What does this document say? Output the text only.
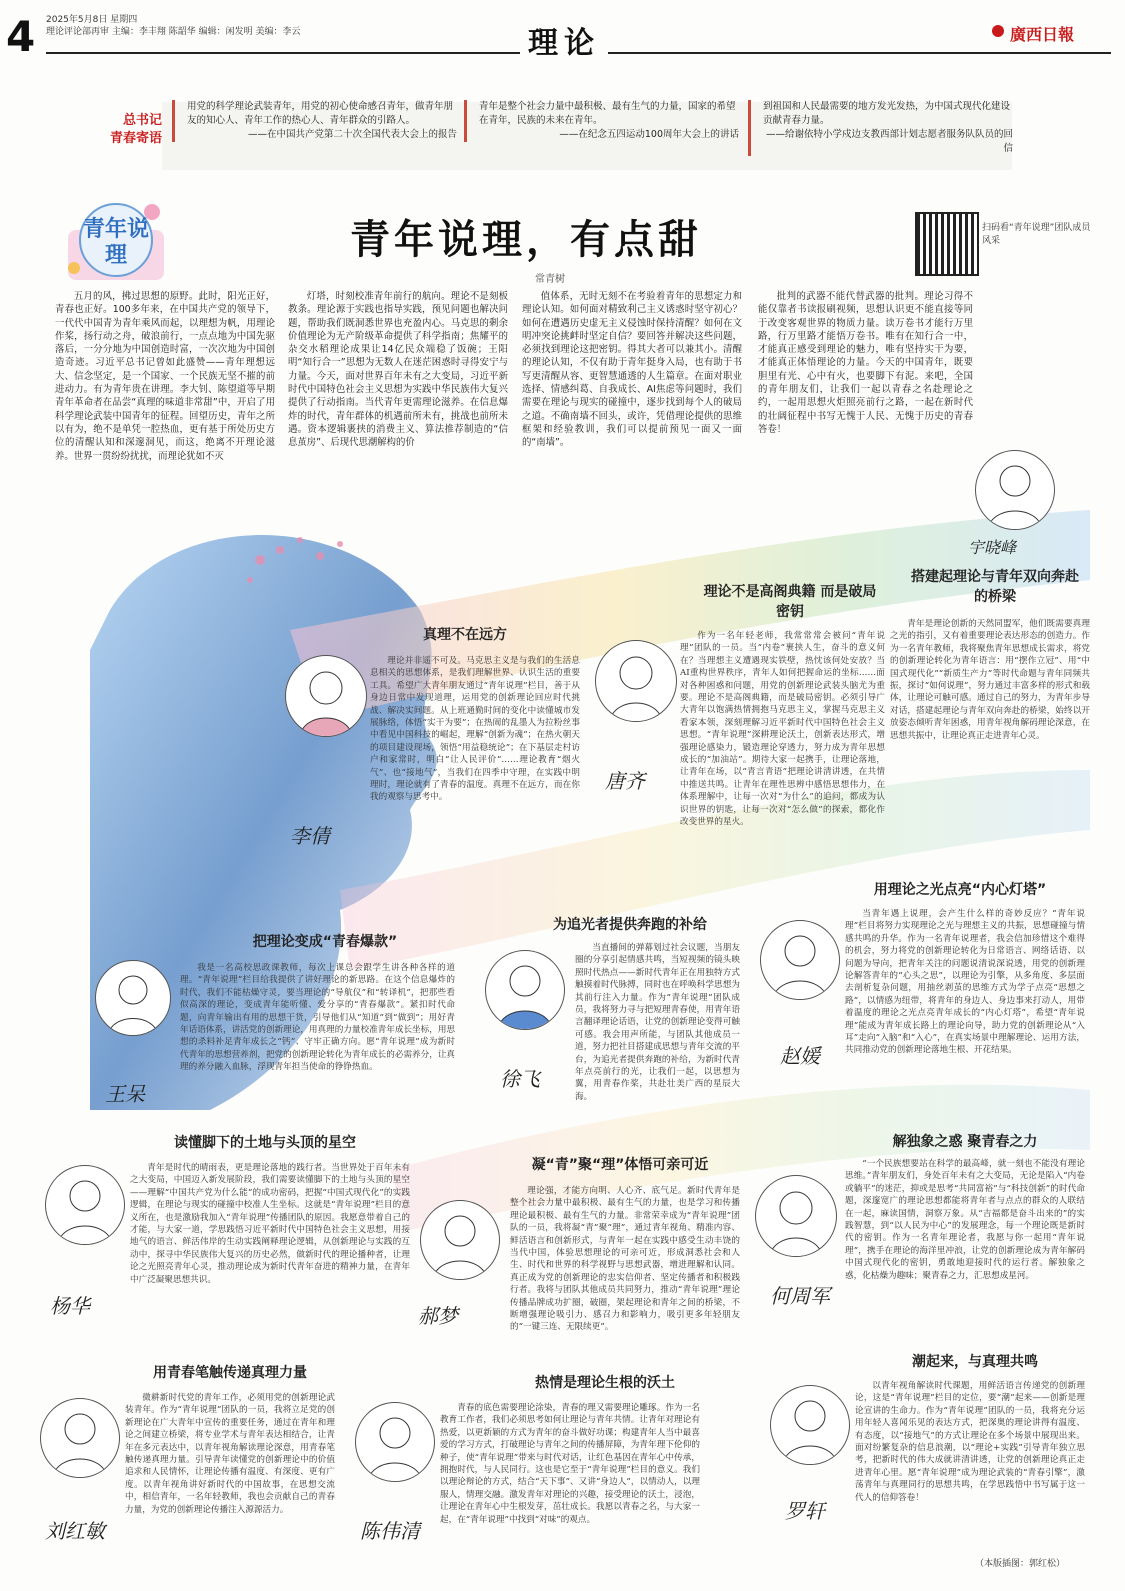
4 2025年5月8日 星期四
理论评论部再审 主编：李丰翔 陈韶华 编辑：闲发明 美编：李云	理论	廣西日報
总书记
青春寄语
用党的科学理论武装青年，用党的初心使命感召青年，做青年朋友的知心人、青年工作的热心人、青年群众的引路人。
——在中国共产党第二十次全国代表大会上的报告
青年是整个社会力量中最积极、最有生气的力量，国家的希望在青年，民族的未来在青年。
——在纪念五四运动100周年大会上的讲话
到祖国和人民最需要的地方发光发热，为中国式现代化建设贡献青春力量。
——给谢依特小学戍边支教西部计划志愿者服务队队员的回信
青年说理	青年说理，有点甜
常青树
扫码看“青年说理”团队成员风采

五月的风，拂过思想的原野。此时，阳光正好，青春也正好。100多年来，在中国共产党的领导下，一代代中国青为青年乘风而起，以理想为帆，用理论作桨，扬行动之舟，破浪前行，一点点地为中国先驱落后，一分分地为中国创造时富，一次次地为中国创造奇迹。习近平总书记曾如此盛赞——青年理想远大、信念坚定，是一个国家、一个民族无坚不摧的前进动力。有为青年贵在讲理。李大钊、陈望道等早期青年革命者在品尝“真理的味道非常甜”中，开启了用科学理论武装中国青年的征程。回望历史，青年之所以有为，绝不是单凭一腔热血，更有基于所处历史方位的清醒认知和深邃洞见，而这，绝离不开理论滋养。世界一贯纷纷扰扰，而理论犹如不灭

灯塔，时刻校准青年前行的航向。理论不是刻板教条。理论源于实践也指导实践，预见问题也解决问题，帮助我们既洞悉世界也充盈内心。马克思的剩余价值理论为无产阶级革命提供了科学指南；焦耀平的杂交水稻理论成果让14亿民众端稳了饭碗；王阳明“知行合一”思想为无数人在迷茫困惑时寻得安宁与力量。今天，面对世界百年未有之大变局，习近平新时代中国特色社会主义思想为实践中华民族伟大复兴提供了行动指南。当代青年更需理论滋养。在信息爆炸的时代，青年群体的机遇前所未有，挑战也前所未遇。资本逻辑裹挟的消费主义、算法推荐制造的“信息茧房”、后现代思潮解构的价

值体系，无时无刻不在考验着青年的思想定力和理论认知。如何面对精致利己主义诱惑时坚守初心？如何在遭遇历史虚无主义侵蚀时保持清醒？如何在文明冲突论挑衅时坚定自信？要回答并解决这些问题，必须找到理论这把密钥。得其大者可以兼其小。清醒的理论认知，不仅有助于青年挺身入局，也有助于书写更清醒从容、更智慧通透的人生篇章。在面对职业选择、情感纠葛、自我成长、AI焦虑等问题时，我们需要在理论与现实的碰撞中，逐步找到每个人的破局之道。不确南墙不回头，或许，凭借理论提供的思维框架和经验教训，我们可以提前预见一面又一面的“南墙”。

批判的武器不能代替武器的批判。理论习得不能仅靠者书读报刷视频，思想认识更不能直接等同于改变客观世界的物质力量。读万卷书才能行万里路，行万里路才能悟万卷书。唯有在知行合一中，才能真正感受到理论的魅力，唯有坚持实干为要，才能真正体悟理论的力量。今天的中国青年，既要胆里有光、心中有火，也要脚下有泥。来吧，全国的青年朋友们，让我们一起以青春之名赴理论之约，一起用思想火炬照亮前行之路，一起在新时代的壮阔征程中书写无愧于人民、无愧于历史的青春答卷！

真理不在远方
李倩

理论并非遥不可及。马克思主义是与我们的生活息息相关的思想体系，是我们理解世界、认识生活的重要工具。希望广大青年朋友通过“青年说理”栏目，善于从身边日常中发现道理，运用党的创新理论回应时代挑战、解决实间题。从上班通勤时间的变化中读懂城市发展脉络，体悟“实干为要”；在热闹的乱墨人为拉粉丝事中看见中国科技的崛起，理解“创新为魂”；在热火朝天的项目建设现场，领悟“用益稳统论”；在下基层走村访户和家常时，明白“让人民评价”……理论教育“烟火气”、也“接地气”，当我们在四季中守理，在实践中明理时，理论就有了青春的温度。真理不在远方，而在你我的观察与思考中。

理论不是高阁典籍 而是破局密钥
唐齐

作为一名年轻老师，我常常常会被问“青年说理”团队的一员。当“内卷”裹挟人生，奋斗的意义何在？当理想主义遭遇现实铁壁，热忱该何处安放？当AI重构世界秩序，青年人如何把握命运的坐标……面对各种困惑和问题，用党的创新理论武装头脑尤为重要。理论不是高阁典籍，而是破局密钥。必须引导广大青年以饱满热情拥抱马克思主义，掌握马克思主义看家本领，深刻理解习近平新时代中国特色社会主义思想。“青年说理”深耕理论沃土，创新表达形式，增强理论感染力，锻造理论穿透力，努力成为青年思想成长的“加油站”。期待大家一起携手，让理论落地，让青年在场，以“青言青语”把理论讲清讲透，在共情中推送共鸣。让青年在理性思辨中感悟思想伟力，在体系理解中，让每一次对“为什么”的追问，都成为认识世界的钥匙，让每一次对“怎么做”的探索，都化作改变世界的星火。

宇晓峰
搭建起理论与青年双向奔赴的桥梁

青年是理论创新的天然同盟军，他们既需要真理之光的指引，又有着重要理论表达形态的创造力。作为一名青年教师，我将聚焦青年思想成长需求，将党的创新理论转化为青年语言：用“摆作立冠”、用“中国式现代化”“新质生产力”等时代命题与青年同频共振，探讨“如何说理”，努力通过丰富多样的形式和载体，让理论可触可感。通过自己的努力，为青年步导对话，搭建起理论与青年双向奔赴的桥梁，始终以开放姿态倾听青年困惑，用青年视角解码理论深意，在思想共振中，让理论真正走进青年心灵。

把理论变成“青春爆款”
王呆

我是一名高校思政课教师，每次上课总会跟学生讲各种各样的道理。“青年说理”栏目给我提供了讲好理论的新思路。在这个信息爆炸的时代，我们不能枯燥守灵，要当理论的“导航仪”和“转译机”，把那些看似高深的理论，变成青年能听懂、爱分享的“青春爆款”。紧扣时代命题，向青年输出有用的思想干货，引导他们从“知道”到“做到”；用好青年话语体系，讲活党的创新理论，用真理的力量校准青年成长坐标，用思想的杀料补足青年成长之“钙”、守牢正确方向。愿“青年说理”成为新时代青年的思想营养剂，把党的创新理论转化为青年成长的必需养分，让真理的养分融入血脉，浮现青年担当使命的铮铮热血。

为追光者提供奔跑的补给
徐飞

当直播间的弹幕划过社会议题，当朋友圈的分享引起情感共鸣，当短视频的镜头映照时代热点——新时代青年正在用独特方式触摸着时代脉搏，同时也在呼唤科学思想为其前行注入力量。作为“青年说理”团队成员，我将努力寻与把短理青春使，用青年语言翻译理论话语，让党的创新理论变得可触可感。我会用声所能，与团队其他成员一道，努力把社目搭建成思想与青年交流的平台，为追光者提供奔跑的补给，为新时代青年点亮前行的光，让我们一起，以思想为翼，用青春作桨，共赴壮美广西的星辰大海。

用理论之光点亮“内心灯塔”
赵媛

当青年遇上说理，会产生什么样的奇妙反应？“青年说理”栏目将努力实现理论之光与理想主义的共振，思想碰撞与情感共鸣的升华。作为一名青年说理者，我会信加珍惜这个难得的机会，努力将党的创新理论转化为日常语言、网络话语、以问题为导向，把青年关注的问题说清说深说透，用党的创新理论解答青年的“心头之思”，以理论为引擎，从多角度、多层面去剖析复杂问题，用抽丝剥茧的思维方式为学子点亮“思想之路”，以情感为纽带，将青年的身边人、身边事来打动人，用带着温度的理论之光点亮青年成长的“内心灯塔”，希望“青年说理”能成为青年成长路上的理论向导，助力党的创新理论从“入耳”走向“入脑”和“入心”，在真实场景中理解理论、运用方法，共同推动党的创新理论落地生根、开花结果。

读懂脚下的土地与头顶的星空
杨华

青年是时代的晴雨表，更是理论落地的践行者。当世界处于百年未有之大变局，中国迈入新发展阶段，我们需要读懂脚下的土地与头顶的星空——理解“中国共产党为什么能”的成功密码，把握“中国式现代化”的实践逻辑，在理论与现实的碰撞中校准人生坐标。这就是“青年说理”栏目的意义所在，也是激励我加入“青年说理”传播团队的原因。我愿意带着自己的才能，与大家一道，学思践悟习近平新时代中国特色社会主义思想，用接地气的语言、鲜活伟岸的生动实践阐释理论逻辑，从创新理论与实践的互动中，探寻中华民族伟大复兴的历史必然，做新时代的理论播种者，让理论之光照亮青年心灵，推动理论成为新时代青年奋进的精神力量，在青年中广泛凝聚思想共识。

凝“青”聚“理”体悟可亲可近
郝梦

理论强，才能方向明、人心齐、底气足。新时代青年是整个社会力量中最积极、最有生气的力量，也是学习和传播理论最积极、最有生气的力量。非常荣幸成为“青年说理”团队的一员，我将凝“青”聚“理”，通过青年视角、精准内容、鲜活语言和创新形式，与青年一起在实践中感受生动丰饶的当代中国，体验思想理论的可亲可近，形成洞悉社会和人生、时代和世界的科学视野与思想武器，增进理解和认同。真正成为党的创新理论的忠实信仰者、坚定传播者和积极践行者。我将与团队其他成员共同努力，推动“青年说理”理论传播品牌成功扩圈，破圈，架起理论和青年之间的桥梁，不断增强理论吸引力、感召力和影响力，吸引更多年轻朋友的“一键三连、无限续更”。

解独象之惑 聚青春之力
何周军

“一个民族想要站在科学的最高峰，就一刻也不能没有理论思维。”青年朋友们，身处百年未有之大变局，无论是陷入“内卷或躺平”的迷茫，抑或是思考“共同富裕”与“科技创新”的时代命题，深邃宽广的理论思想都能将青年者与点点的群众的人联结在一起，麻读国情，洞察万象。从“吉福都是奋斗出来的”的实践智慧，到“以人民为中心”的发展理念，每一个理论既是新时代的密钥。作为一名青年理论者，我愿与你一起用“青年说理”，携手在理论的海洋里冲浪，让党的创新理论成为青年解码中国式现代化的密钥，勇敢地迎接时代的运行者。解独象之惑，化枯燥为趣味；聚青春之力，汇思想成星河。

用青春笔触传递真理力量
刘红敏

微耕新时代党的青年工作，必须用党的创新理论武装青年。作为“青年说理”团队的一员，我将立足党的创新理论在广大青年中宣传的重要任务，通过在青年和理论之间建立桥梁，将专业学术与青年表达相结合，让青年在多元表达中，以青年视角解读理论深意，用青春笔触传递真理力量。引导青年读懂党的创新理论中的价值追求和人民情怀，让理论传播有温度、有深度、更有广度。以青年视角讲好新时代的中国故事，在思想交流中，相信青年，一名年轻教师，我也会贡献自己的青春力量，为党的创新理论传播注入源源活力。

热情是理论生根的沃土
陈伟清

青春的底色需要理论涂染，青春的理又需要理论雕琢。作为一名教育工作者，我们必须思考如何让理论与青年共情。让青年对理论有热爱，以更新颖的方式为青年的奋斗做好功课；构建青年人当中最喜爱的学习方式，打破理论与青年之间的传播屏障，为青年理下伦仰的种子，使“青年说理”带来与时代对话，让红色基因在青年心中传承，拥抱时代，与人民同行。这也是它至于“青年说理”栏目的意义。我们以理论辩论的方式，结合“天下事”、又讲“身边人”，以情动人，以理服人，情理交融。激发青年对理论的兴趣，接受理论的沃土，浸泡，让理论在青年心中生根发芽，茁壮成长。我愿以青春之名，与大家一起，在“青年说理”中找到“对味”的观点。

潮起来，与真理共鸣
罗轩

以青年视角解读时代课题，用鲜活语言传递党的创新理论，这是“青年说理”栏目的定位，要“潮”起来——创新是理论宣讲的生命力。作为“青年说理”团队的一员，我将充分运用年轻人喜闻乐见的表达方式，把深奥的理论讲得有温度、有态度，以“接地气”的方式让理论在多个场景中展现出来。面对纷繁复杂的信息浪潮，以“理论+实践”引导青年独立思考，把新时代的伟大成就讲清讲透，让党的创新理论真正走进青年心里。愿“青年说理”成为理论武装的“青春引擎”，激荡青年与真理同行的思想共鸣，在学思践悟中书写属于这一代人的信仰答卷！

（本版插图：郭红松）
